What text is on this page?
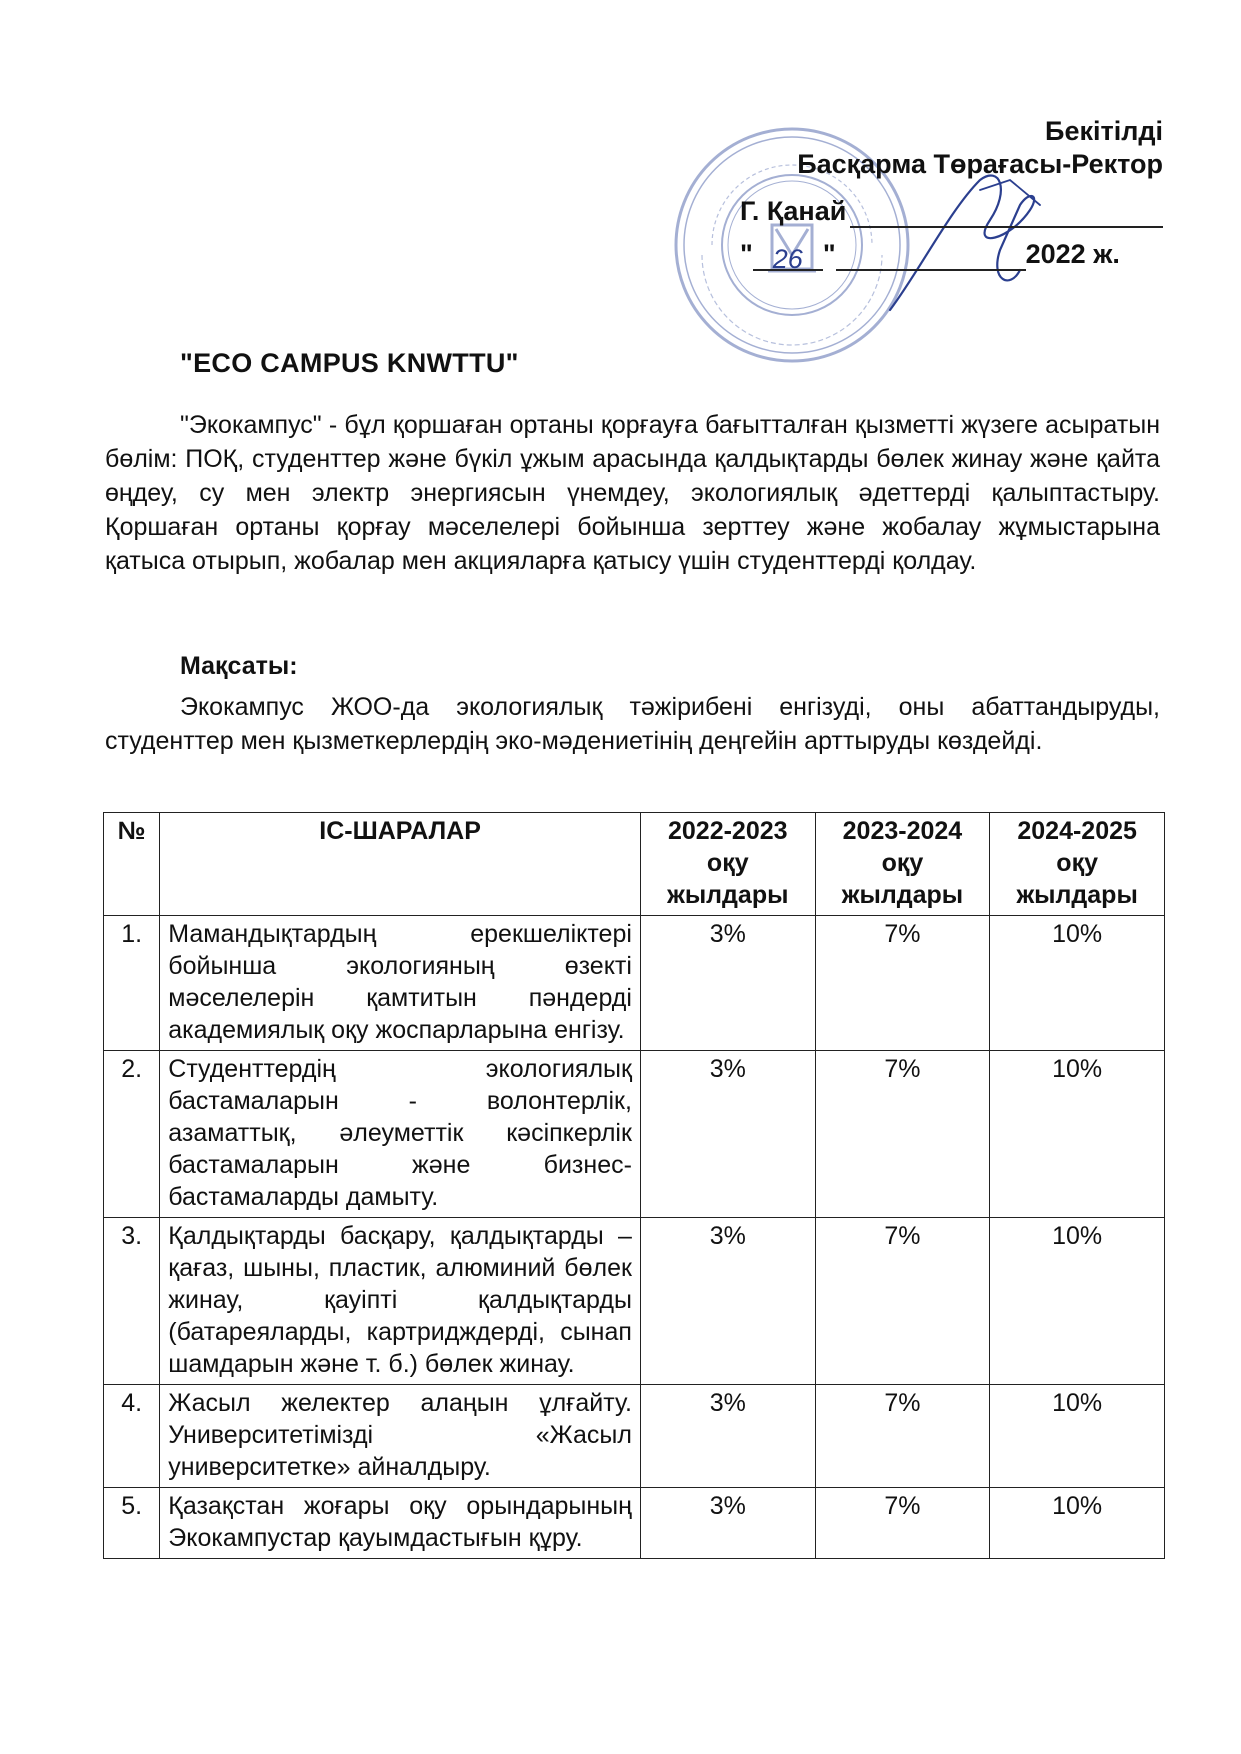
Бекітілді
Басқарма Төрағасы-Ректор
Г. Қанай
" 26 "	2022 ж.
"ECO CAMPUS KNWTTU"

"Экокампус" - бұл қоршаған ортаны қорғауға бағытталған қызметті жүзеге асыратын бөлім: ПОҚ, студенттер және бүкіл ұжым арасында қалдықтарды бөлек жинау және қайта өңдеу, су мен электр энергиясын үнемдеу, экологиялық әдеттерді қалыптастыру. Қоршаған ортаны қорғау мәселелері бойынша зерттеу және жобалау жұмыстарына қатыса отырып, жобалар мен акцияларға қатысу үшін студенттерді қолдау.

Мақсаты:

Экокампус ЖОО-да экологиялық тәжірибені енгізуді, оны абаттандыруды, студенттер мен қызметкерлердің эко-мәдениетінің деңгейін арттыруды көздейді.

№	ІС-ШАРАЛАР	2022-2023 оқу жылдары	2023-2024 оқу жылдары	2024-2025 оқу жылдары
1.	Мамандықтардың ерекшеліктері бойынша экологияның өзекті мәселелерін қамтитын пәндерді академиялық оқу жоспарларына енгізу.	3%	7%	10%
2.	Студенттердің экологиялық бастамаларын - волонтерлік, азаматтық, әлеуметтік кәсіпкерлік бастамаларын және бизнес-бастамаларды дамыту.	3%	7%	10%
3.	Қалдықтарды басқару, қалдықтарды – қағаз, шыны, пластик, алюминий бөлек жинау, қауіпті қалдықтарды (батареяларды, картридждерді, сынап шамдарын және т. б.) бөлек жинау.	3%	7%	10%
4.	Жасыл желектер алаңын ұлғайту. Университетімізді «Жасыл университетке» айналдыру.	3%	7%	10%
5.	Қазақстан жоғары оқу орындарының Экокампустар қауымдастығын құру.	3%	7%	10%
